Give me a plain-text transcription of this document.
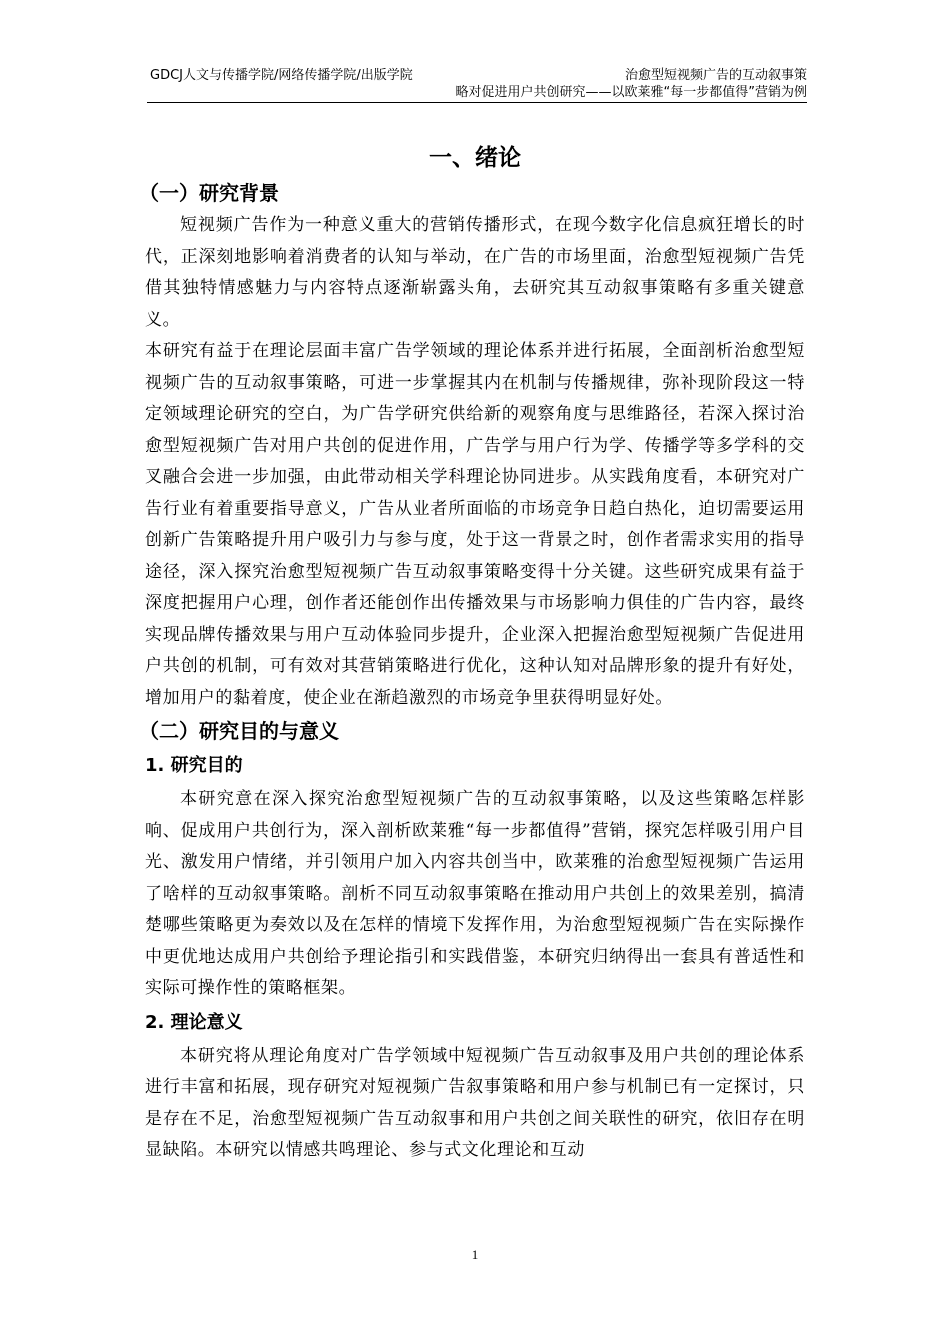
GDCJ人文与传播学院/网络传播学院/出版学院	治愈型短视频广告的互动叙事策
略对促进用户共创研究——以欧莱雅“每一步都值得”营销为例
一、绪论
（一）研究背景

短视频广告作为一种意义重大的营销传播形式，在现今数字化信息疯狂增长的时代，正深刻地影响着消费者的认知与举动，在广告的市场里面，治愈型短视频广告凭借其独特情感魅力与内容特点逐渐崭露头角，去研究其互动叙事策略有多重关键意义。

本研究有益于在理论层面丰富广告学领域的理论体系并进行拓展，全面剖析治愈型短视频广告的互动叙事策略，可进一步掌握其内在机制与传播规律，弥补现阶段这一特定领域理论研究的空白，为广告学研究供给新的观察角度与思维路径，若深入探讨治愈型短视频广告对用户共创的促进作用，广告学与用户行为学、传播学等多学科的交叉融合会进一步加强，由此带动相关学科理论协同进步。从实践角度看，本研究对广告行业有着重要指导意义，广告从业者所面临的市场竞争日趋白热化，迫切需要运用创新广告策略提升用户吸引力与参与度，处于这一背景之时，创作者需求实用的指导途径，深入探究治愈型短视频广告互动叙事策略变得十分关键。这些研究成果有益于深度把握用户心理，创作者还能创作出传播效果与市场影响力俱佳的广告内容，最终实现品牌传播效果与用户互动体验同步提升，企业深入把握治愈型短视频广告促进用户共创的机制，可有效对其营销策略进行优化，这种认知对品牌形象的提升有好处，增加用户的黏着度，使企业在渐趋激烈的市场竞争里获得明显好处。

（二）研究目的与意义
1. 研究目的

本研究意在深入探究治愈型短视频广告的互动叙事策略，以及这些策略怎样影响、促成用户共创行为，深入剖析欧莱雅“每一步都值得”营销，探究怎样吸引用户目光、激发用户情绪，并引领用户加入内容共创当中，欧莱雅的治愈型短视频广告运用了啥样的互动叙事策略。剖析不同互动叙事策略在推动用户共创上的效果差别，搞清楚哪些策略更为奏效以及在怎样的情境下发挥作用，为治愈型短视频广告在实际操作中更优地达成用户共创给予理论指引和实践借鉴，本研究归纳得出一套具有普适性和实际可操作性的策略框架。

2. 理论意义

本研究将从理论角度对广告学领域中短视频广告互动叙事及用户共创的理论体系进行丰富和拓展，现存研究对短视频广告叙事策略和用户参与机制已有一定探讨，只是存在不足，治愈型短视频广告互动叙事和用户共创之间关联性的研究，依旧存在明显缺陷。本研究以情感共鸣理论、参与式文化理论和互动

1
